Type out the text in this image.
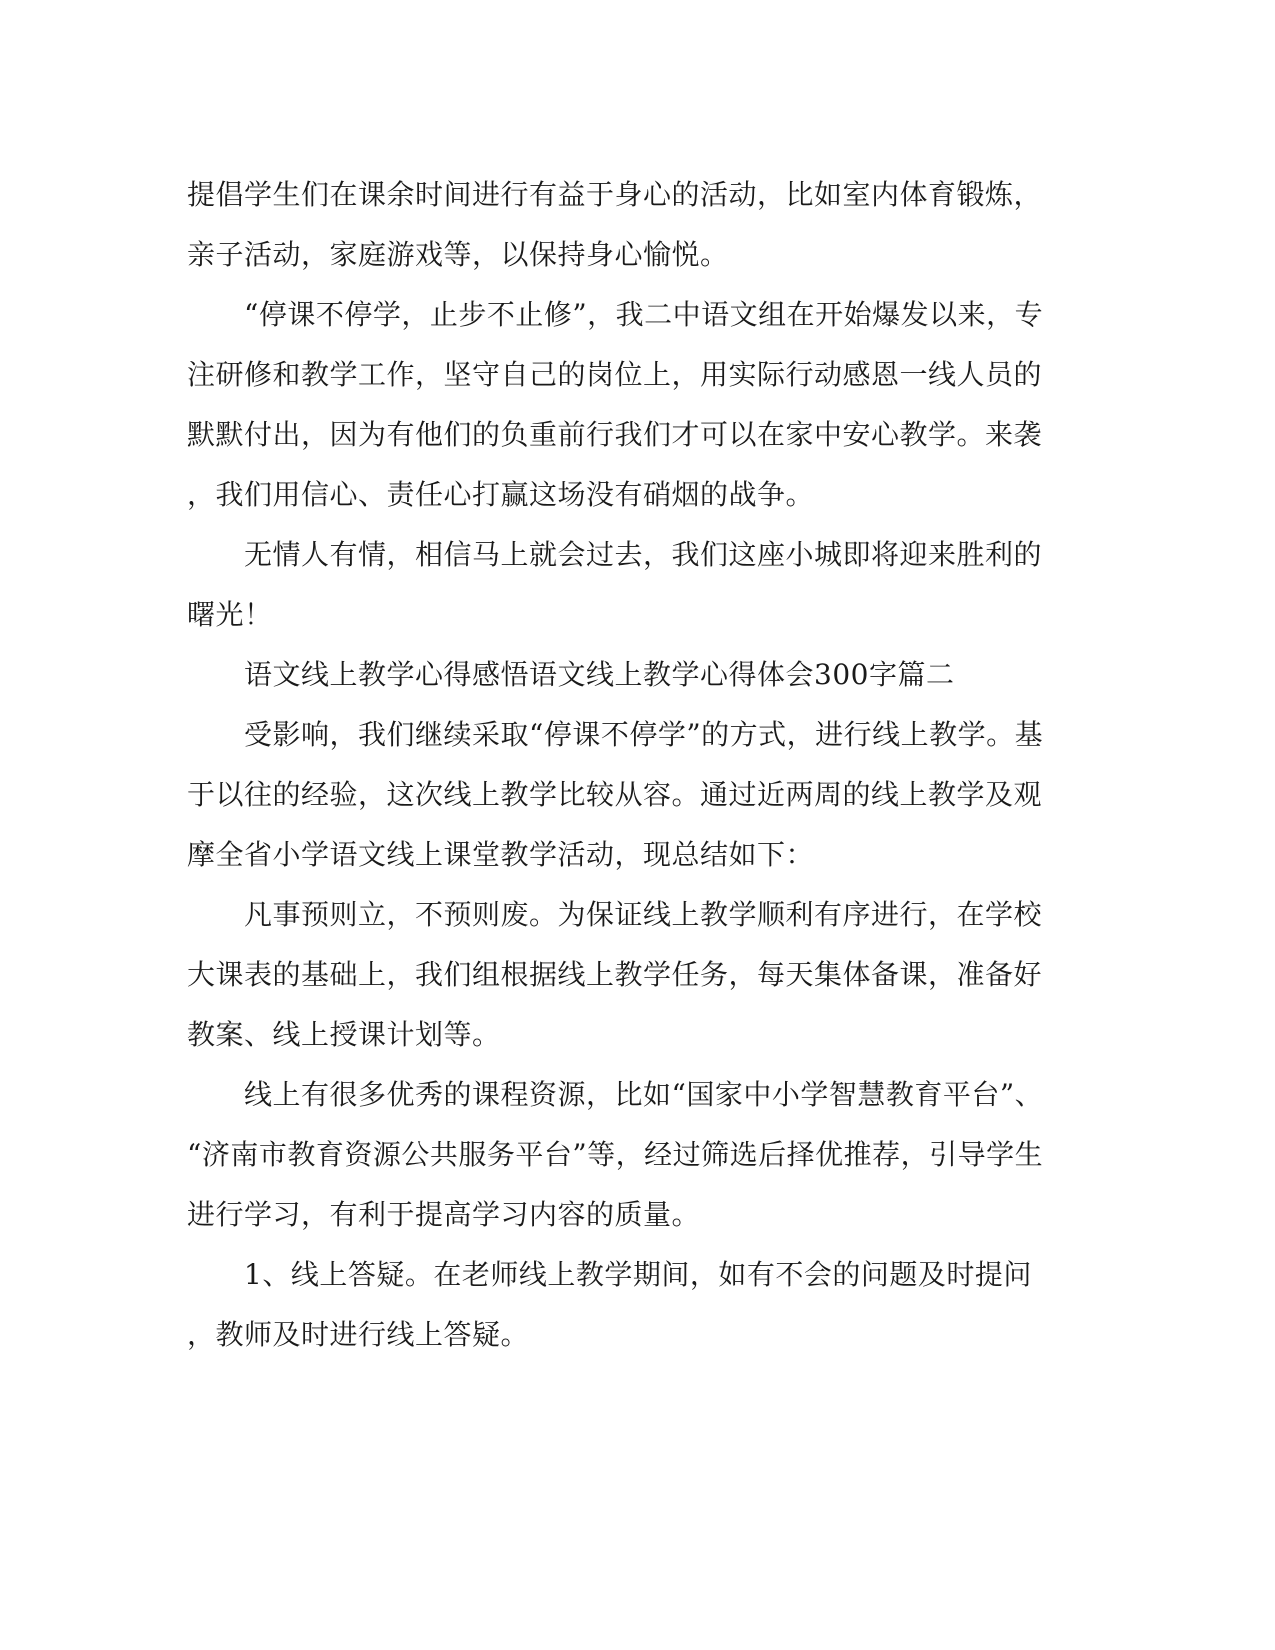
提倡学生们在课余时间进行有益于身心的活动，比如室内体育锻炼，

亲子活动，家庭游戏等，以保持身心愉悦。

　　“停课不停学，止步不止修”，我二中语文组在开始爆发以来，专

注研修和教学工作，坚守自己的岗位上，用实际行动感恩一线人员的

默默付出，因为有他们的负重前行我们才可以在家中安心教学。来袭

，我们用信心、责任心打赢这场没有硝烟的战争。

　　无情人有情，相信马上就会过去，我们这座小城即将迎来胜利的

曙光！

　　语文线上教学心得感悟语文线上教学心得体会300字篇二

　　受影响，我们继续采取“停课不停学”的方式，进行线上教学。基

于以往的经验，这次线上教学比较从容。通过近两周的线上教学及观

摩全省小学语文线上课堂教学活动，现总结如下：

　　凡事预则立，不预则废。为保证线上教学顺利有序进行，在学校

大课表的基础上，我们组根据线上教学任务，每天集体备课，准备好

教案、线上授课计划等。

　　线上有很多优秀的课程资源，比如“国家中小学智慧教育平台”、

“济南市教育资源公共服务平台”等，经过筛选后择优推荐，引导学生

进行学习，有利于提高学习内容的质量。

　　1、线上答疑。在老师线上教学期间，如有不会的问题及时提问

，教师及时进行线上答疑。
